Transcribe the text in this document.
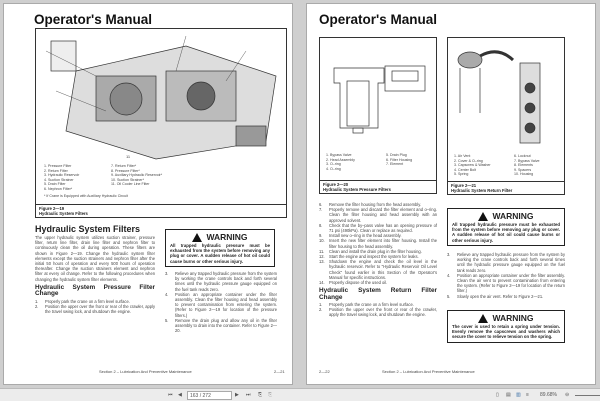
Operator's Manual
11
1. Pressure Filter
2. Return Filter
3. Hydraulic Reservoir
4. Suction Strainer
5. Drain Filter
6. Nephron Filter*
7. Return Filter*
8. Pressure Filter*
9. Auxiliary Hydraulic Reservoir*
10. Suction Strainer*
11. Oil Cooler Line Filter
* If Crane is Equipped with Auxiliary Hydraulic Circuit
Figure 2—19
Hydraulic System Filters
Hydraulic System Filters
The upper hydraulic system utilizes suction strainer, pressure filter, return line filter, drain line filter and nephron filter to continuously clean the oil during operation. These filters are shown in Figure 2—19. Change the hydraulic system filter elements except the suction strainers and nephron filter after the initial 50 hours of operation and every 500 hours of operation thereafter. Change the suction strainers element and nephron filter at every oil change. Refer to the following procedures when changing the hydraulic system filter elements.
Hydraulic System Pressure Filter Change
1.	Properly park the crane on a firm level surface.
2.	Position the upper over the front or rear of the crawler, apply the travel swing lock, and shutdown the engine.
WARNING
All trapped hydraulic pressure must be exhausted from the system before removing any plug or cover. A sudden release of hot oil could cause burns or other serious injury.
3.	Relieve any trapped hydraulic pressure from the system by working the crane controls back and forth several times until the hydraulic pressure gauge equipped on the fuel tank reads zero.
4.	Position an appropriate container under the filter assembly. Clean the filter housing and head assembly to prevent contamination from entering the system. (Refer to Figure 2—19 for location of the pressure filters.)
5.	Remove the drain plug and allow any oil in the filter assembly to drain into the container. Refer to Figure 2—20.
Section 2 – Lubrication And Preventive Maintenance	2—21
Operator's Manual
1. Bypass Valve
2. Head Assembly
3. O–ring
4. O–ring
5. Drain Plug
6. Filter Housing
7. Element
Figure 2—20
Hydraulic System Pressure Filters
1. Air Vent
2. Cover & O–ring
3. Capscrew & Washer
4. Center Bolt
5. Spring
6. Locknut
7. Bypass Valve
8. Elements
9. Spacers
10. Housing
Figure 2—21
Hydraulic System Return Filter
6.	Remove the filter housing from the head assembly.
7.	Properly remove and discard the filter element and o–ring. Clean the filter housing and head assembly with an approved solvent.
8.	Check that the by–pass valve has an opening pressure of 71 psi (490kPa). Clean or replace as required.
9.	Install new o–ring in the head assembly.
10.	Insert the new filter element into filter housing. Install the filter housing to the head assembly.
11.	Clean and install the drain plug in the filter housing.
12.	Start the engine and inspect the system for leaks.
13.	Shutdown the engine and check the oil level in the hydraulic reservoir. Refer to "Hydraulic Reservoir Oil Level Check" found earlier in this Section of the Operator's Manual for specific instructions.
14.	Properly dispose of the used oil.
Hydraulic System Return Filter Change
1.	Properly park the crane on a firm level surface.
2.	Position the upper over the front or rear of the crawler, apply the travel swing lock, and shutdown the engine.
WARNING
All trapped hydraulic pressure must be exhausted from the system before removing any plug or cover. A sudden release of hot oil could cause burns or other serious injury.
3.	Relieve any trapped hydraulic pressure from the system by working the crane controls back and forth several times until the hydraulic pressure gauge equipped on the fuel tank reads zero.
4.	Position an appropriate container under the filter assembly. Clean the air vent to prevent contamination from entering the system. (Refer to Figure 2—19 for location of the return filter.)
5.	Slowly open the air vent. Refer to Figure 2—21.
WARNING
The cover is used to retain a spring under tension. Evenly remove the capscrews and washers which secure the cover to relieve tension on the spring.
2—22	Section 2 – Lubrication And Preventive Maintenance
⏮ ◀	163 / 272	▶ ⏭ ⎘ ⎘	▯ ▤ ▥ ≡ 89.68% ⊖
